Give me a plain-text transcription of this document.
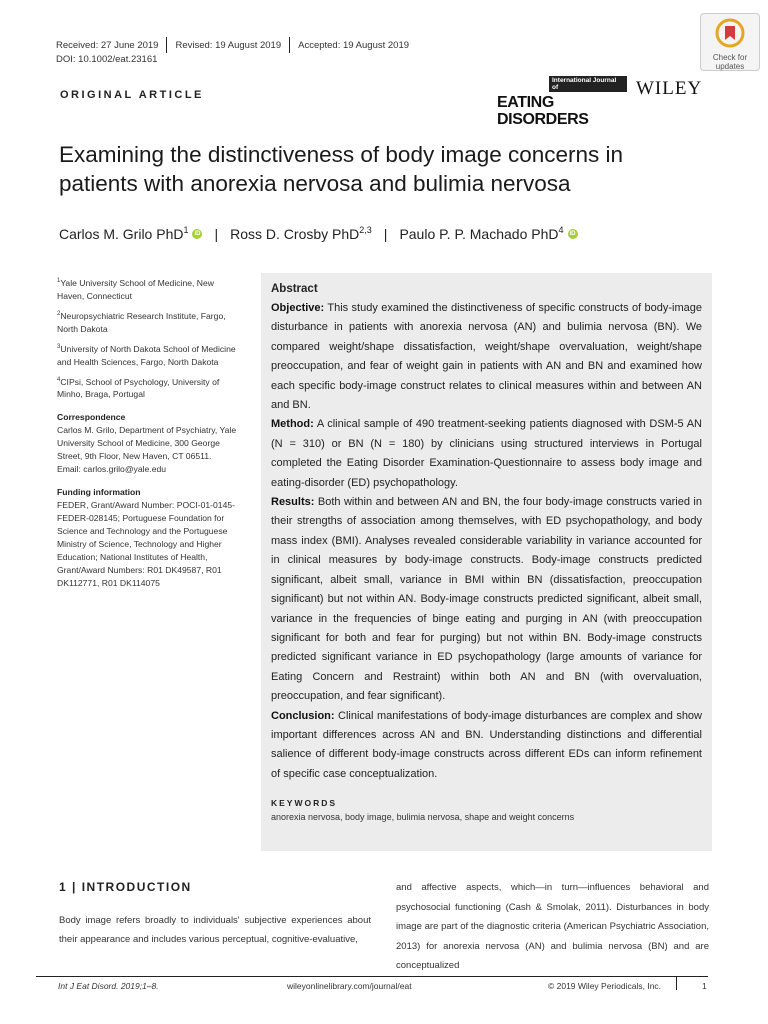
Received: 27 June 2019 Revised: 19 August 2019 Accepted: 19 August 2019
DOI: 10.1002/eat.23161	Check for
updates
ORIGINAL ARTICLE
International Journal of
EATING DISORDERS
WILEY
Examining the distinctiveness of body image concerns in patients with anorexia nervosa and bulimia nervosa
Carlos M. Grilo PhD$^1$	iD | Ross D. Crosby PhD$^{2,3}$ | Paulo P. P. Machado PhD$^4$	iD

$^1$Yale University School of Medicine, New Haven, Connecticut

$^2$Neuropsychiatric Research Institute, Fargo, North Dakota

$^3$University of North Dakota School of Medicine and Health Sciences, Fargo, North Dakota

$^4$CIPsi, School of Psychology, University of Minho, Braga, Portugal

Correspondence
Carlos M. Grilo, Department of Psychiatry, Yale University School of Medicine, 300 George Street, 9th Floor, New Haven, CT 06511.
Email: carlos.grilo@yale.edu
Funding information
FEDER, Grant/Award Number: POCI-01-0145-FEDER-028145; Portuguese Foundation for Science and Technology and the Portuguese Ministry of Science, Technology and Higher Education; National Institutes of Health, Grant/Award Numbers: R01 DK49587, R01 DK112771, R01 DK114075
Abstract

Objective: This study examined the distinctiveness of specific constructs of body-image disturbance in patients with anorexia nervosa (AN) and bulimia nervosa (BN). We compared weight/shape dissatisfaction, weight/shape overvaluation, weight/shape preoccupation, and fear of weight gain in patients with AN and BN and examined how each specific body-image construct relates to clinical measures within and between AN and BN.

Method: A clinical sample of 490 treatment-seeking patients diagnosed with DSM-5 AN (N = 310) or BN (N = 180) by clinicians using structured interviews in Portugal completed the Eating Disorder Examination-Questionnaire to assess body image and eating-disorder (ED) psychopathology.

Results: Both within and between AN and BN, the four body-image constructs varied in their strengths of association among themselves, with ED psychopathology, and body mass index (BMI). Analyses revealed considerable variability in variance accounted for in clinical measures by body-image constructs. Body-image constructs predicted significant, albeit small, variance in BMI within BN (dissatisfaction, preoccupation significant) but not within AN. Body-image constructs predicted significant, albeit small, variance in the frequencies of binge eating and purging in AN (with preoccupation significant for both and fear for purging) but not within BN. Body-image constructs predicted significant variance in ED psychopathology (large amounts of variance for Eating Concern and Restraint) within both AN and BN (with overvaluation, preoccupation, and fear significant).

Conclusion: Clinical manifestations of body-image disturbances are complex and show important differences across AN and BN. Understanding distinctions and differential salience of different body-image constructs across different EDs can inform refinement of specific case conceptualization.

KEYWORDS
anorexia nervosa, body image, bulimia nervosa, shape and weight concerns
1 | INTRODUCTION
Body image refers broadly to individuals' subjective experiences about their appearance and includes various perceptual, cognitive-evaluative,
and affective aspects, which—in turn—influences behavioral and psychosocial functioning (Cash & Smolak, 2011). Disturbances in body image are part of the diagnostic criteria (American Psychiatric Association, 2013) for anorexia nervosa (AN) and bulimia nervosa (BN) and are conceptualized
Int J Eat Disord. 2019;1–8.	wileyonlinelibrary.com/journal/eat	© 2019 Wiley Periodicals, Inc.	1
